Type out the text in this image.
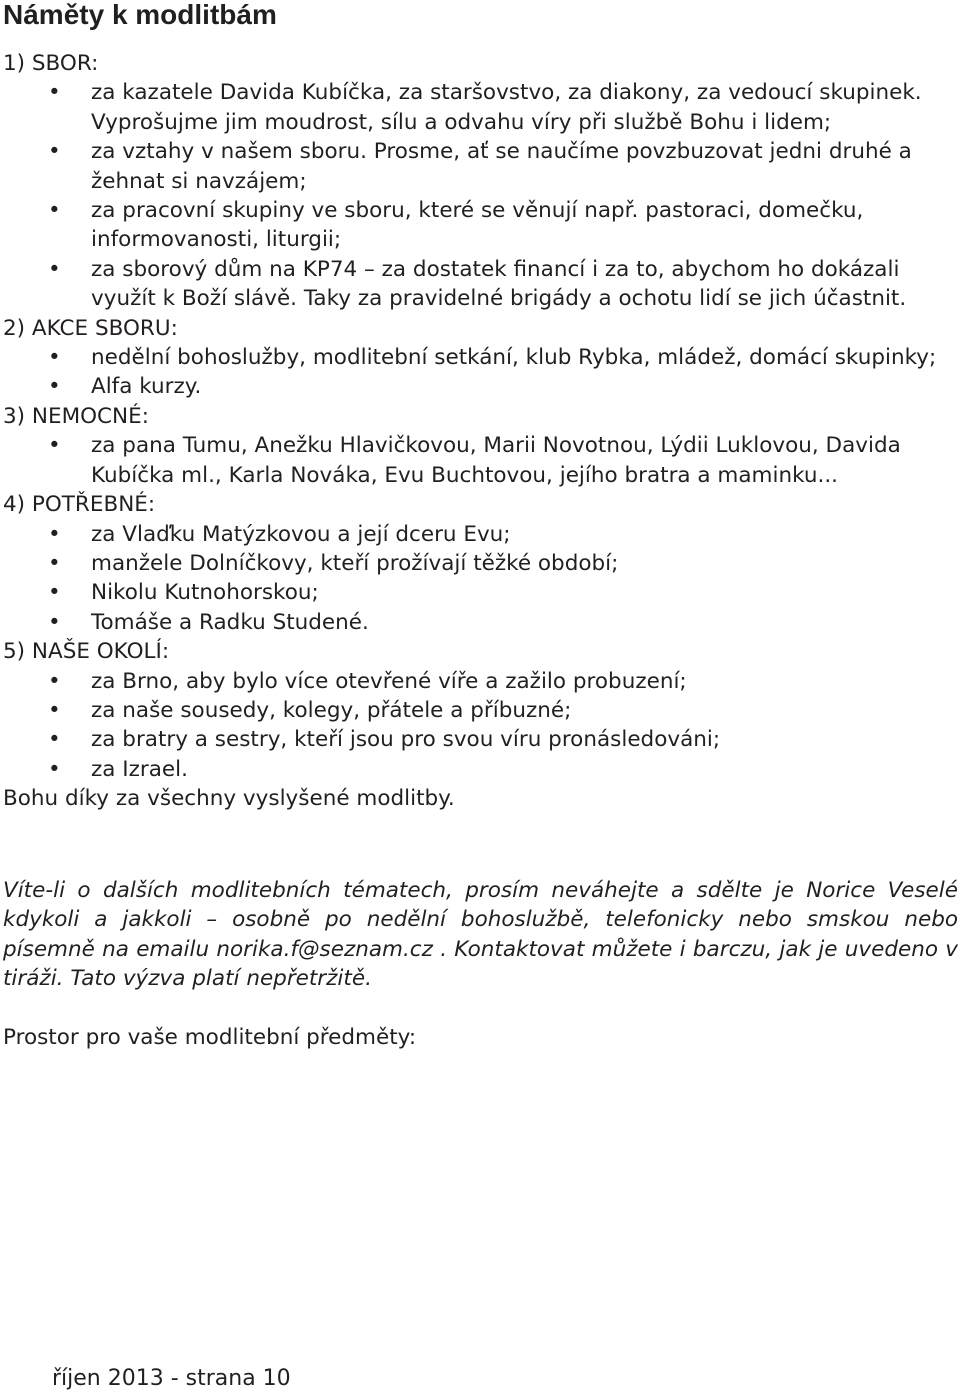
Náměty k modlitbám

1) SBOR:

• za kazatele Davida Kubíčka, za staršovstvo, za diakony, za vedoucí skupinek. Vyprošujme jim moudrost, sílu a odvahu víry při službě Bohu i lidem;
• za vztahy v našem sboru. Prosme, ať se naučíme povzbuzovat jedni druhé a žehnat si navzájem;
• za pracovní skupiny ve sboru, které se věnují např. pastoraci, domečku, informovanosti, liturgii;
• za sborový dům na KP74 – za dostatek financí i za to, abychom ho dokázali využít k Boží slávě. Taky za pravidelné brigády a ochotu lidí se jich účastnit.

2) AKCE SBORU:

• nedělní bohoslužby, modlitební setkání, klub Rybka, mládež, domácí skupinky;
• Alfa kurzy.

3) NEMOCNÉ:

• za pana Tumu, Anežku Hlavičkovou, Marii Novotnou, Lýdii Luklovou, Davida Kubíčka ml., Karla Nováka, Evu Buchtovou, jejího bratra a maminku...

4) POTŘEBNÉ:

• za Vlaďku Matýzkovou a její dceru Evu;
• manžele Dolníčkovy, kteří prožívají těžké období;
• Nikolu Kutnohorskou;
• Tomáše a Radku Studené.

5) NAŠE OKOLÍ:

• za Brno, aby bylo více otevřené víře a zažilo probuzení;
• za naše sousedy, kolegy, přátele a příbuzné;
• za bratry a sestry, kteří jsou pro svou víru pronásledováni;
• za Izrael.

Bohu díky za všechny vyslyšené modlitby.

Víte-li o dalších modlitebních tématech, prosím neváhejte a sdělte je Norice Veselé kdykoli a jakkoli – osobně po nedělní bohoslužbě, telefonicky nebo smskou nebo písemně na emailu norika.f@seznam.cz . Kontaktovat můžete i barczu, jak je uvedeno v tiráži. Tato výzva platí nepřetržitě.

Prostor pro vaše modlitební předměty:

říjen 2013 - strana 10
